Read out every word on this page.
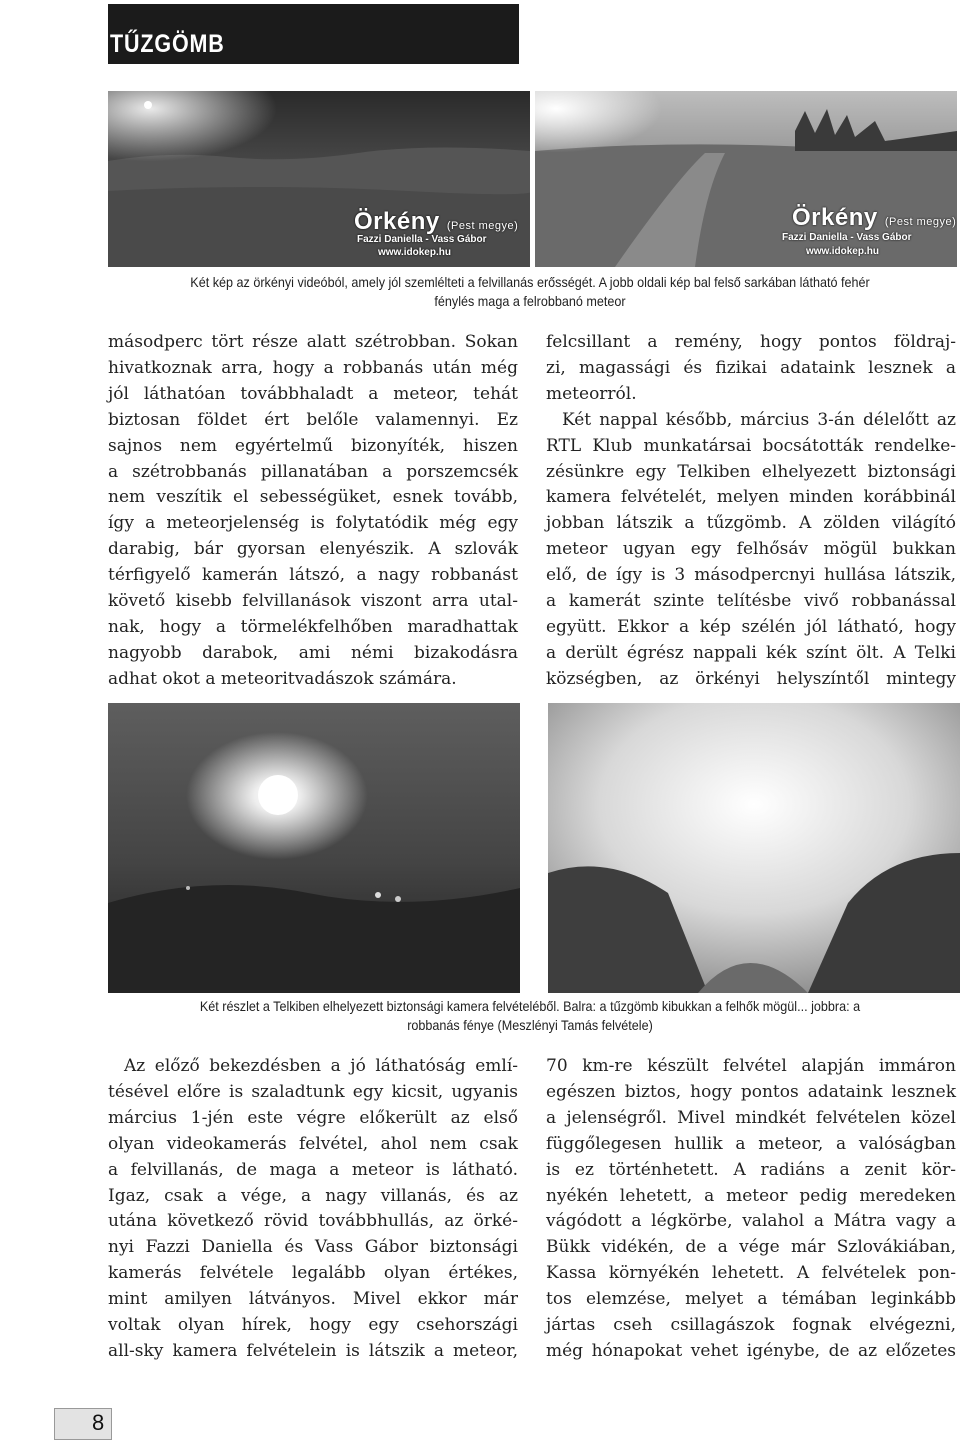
TŰZGÖMB
Örkény (Pest megye)
Fazzi Daniella - Vass Gábor
www.idokep.hu
Örkény (Pest megye)
Fazzi Daniella - Vass Gábor
www.idokep.hu
Két kép az örkényi videóból, amely jól szemlélteti a felvillanás erősségét. A jobb oldali kép bal felső sarkában látható fehér
fénylés maga a felrobbanó meteor
másodperc tört része alatt szétrobban. Sokan
hivatkoznak arra, hogy a robbanás után még
jól láthatóan továbbhaladt a meteor, tehát
biztosan földet ért belőle valamennyi. Ez
sajnos nem egyértelmű bizonyíték, hiszen
a szétrobbanás pillanatában a porszemcsék
nem veszítik el sebességüket, esnek tovább,
így a meteorjelenség is folytatódik még egy
darabig, bár gyorsan elenyészik. A szlovák
térfigyelő kamerán látszó, a nagy robbanást
követő kisebb felvillanások viszont arra utal-
nak, hogy a törmelékfelhőben maradhattak
nagyobb darabok, ami némi bizakodásra
adhat okot a meteoritvadászok számára.
felcsillant a remény, hogy pontos földraj-
zi, magassági és fizikai adataink lesznek a
meteorról.
Két nappal később, március 3-án délelőtt az
RTL Klub munkatársai bocsátották rendelke-
zésünkre egy Telkiben elhelyezett biztonsági
kamera felvételét, melyen minden korábbinál
jobban látszik a tűzgömb. A zölden világító
meteor ugyan egy felhősáv mögül bukkan
elő, de így is 3 másodpercnyi hullása látszik,
a kamerát szinte telítésbe vivő robbanással
együtt. Ekkor a kép szélén jól látható, hogy
a derült égrész nappali kék színt ölt. A Telki
községben, az örkényi helyszíntől mintegy
Két részlet a Telkiben elhelyezett biztonsági kamera felvételéből. Balra: a tűzgömb kibukkan a felhők mögül... jobbra: a
robbanás fénye (Meszlényi Tamás felvétele)
Az előző bekezdésben a jó láthatóság emlí-
tésével előre is szaladtunk egy kicsit, ugyanis
március 1-jén este végre előkerült az első
olyan videokamerás felvétel, ahol nem csak
a felvillanás, de maga a meteor is látható.
Igaz, csak a vége, a nagy villanás, és az
utána következő rövid továbbhullás, az örké-
nyi Fazzi Daniella és Vass Gábor biztonsági
kamerás felvétele legalább olyan értékes,
mint amilyen látványos. Mivel ekkor már
voltak olyan hírek, hogy egy csehországi
all-sky kamera felvételein is látszik a meteor,
70 km-re készült felvétel alapján immáron
egészen biztos, hogy pontos adataink lesznek
a jelenségről. Mivel mindkét felvételen közel
függőlegesen hullik a meteor, a valóságban
is ez történhetett. A radiáns a zenit kör-
nyékén lehetett, a meteor pedig meredeken
vágódott a légkörbe, valahol a Mátra vagy a
Bükk vidékén, de a vége már Szlovákiában,
Kassa környékén lehetett. A felvételek pon-
tos elemzése, melyet a témában leginkább
jártas cseh csillagászok fognak elvégezni,
még hónapokat vehet igénybe, de az előzetes
8
